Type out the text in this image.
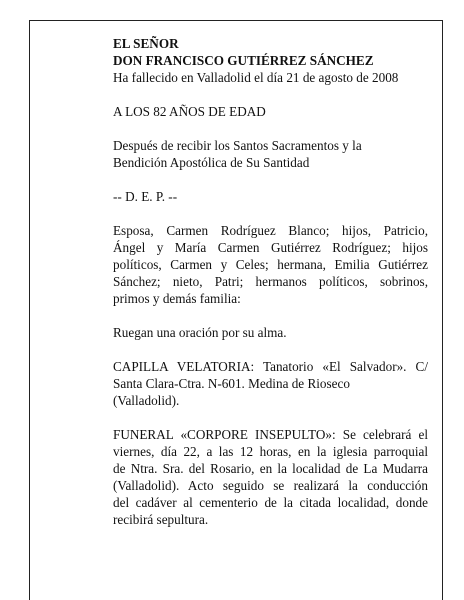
EL SEÑOR
DON FRANCISCO GUTIÉRREZ SÁNCHEZ
Ha fallecido en Valladolid el día 21 de agosto de 2008
A LOS 82 AÑOS DE EDAD
Después de recibir los Santos Sacramentos y la
Bendición Apostólica de Su Santidad
-- D. E. P. --
Esposa, Carmen Rodríguez Blanco; hijos, Patricio,
Ángel y María Carmen Gutiérrez Rodríguez; hijos
políticos, Carmen y Celes; hermana, Emilia Gutiérrez
Sánchez; nieto, Patri; hermanos políticos, sobrinos,
primos y demás familia:
Ruegan una oración por su alma.
CAPILLA VELATORIA: Tanatorio «El Salvador». C/
Santa Clara-Ctra. N-601. Medina de Rioseco
(Valladolid).
FUNERAL «CORPORE INSEPULTO»: Se celebrará el
viernes, día 22, a las 12 horas, en la iglesia parroquial
de Ntra. Sra. del Rosario, en la localidad de La Mudarra
(Valladolid). Acto seguido se realizará la conducción
del cadáver al cementerio de la citada localidad, donde
recibirá sepultura.
